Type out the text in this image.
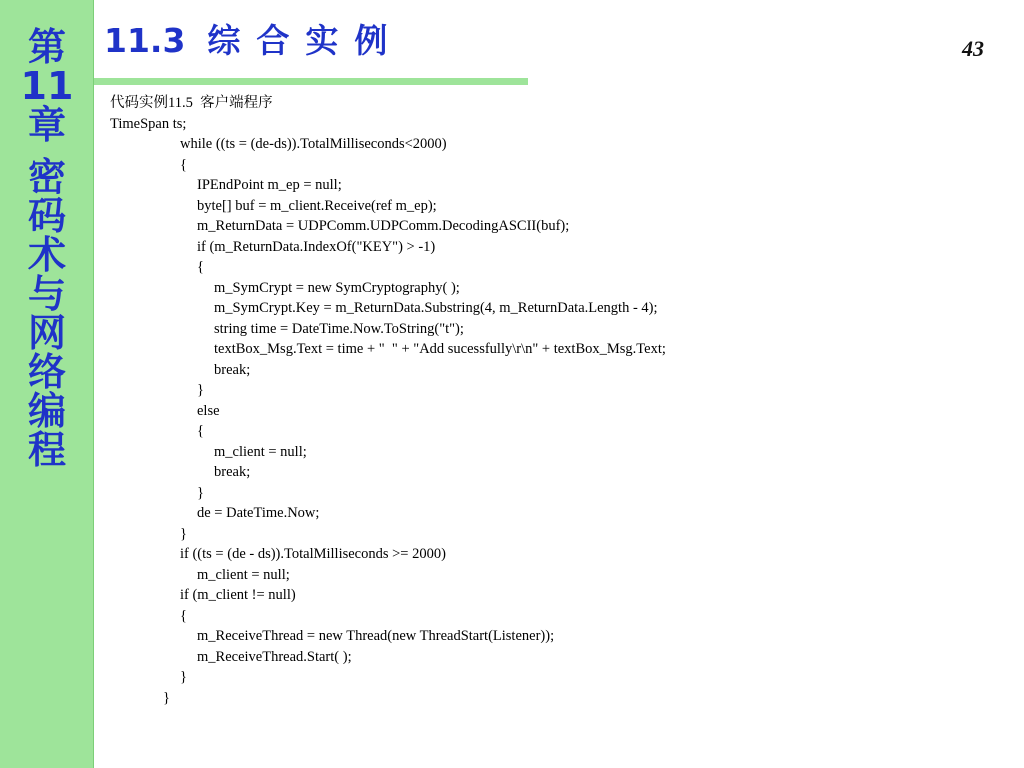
第
11
章
密
码
术
与
网
络
编
程
11.3 综合实例	43
代码实例11.5  客户端程序
TimeSpan ts;
while ((ts = (de-ds)).TotalMilliseconds<2000)
{
IPEndPoint m_ep = null;
byte[] buf = m_client.Receive(ref m_ep);
m_ReturnData = UDPComm.UDPComm.DecodingASCII(buf);
if (m_ReturnData.IndexOf("KEY") > -1)
{
m_SymCrypt = new SymCryptography( );
m_SymCrypt.Key = m_ReturnData.Substring(4, m_ReturnData.Length - 4);
string time = DateTime.Now.ToString("t");
textBox_Msg.Text = time + "  " + "Add sucessfully\r\n" + textBox_Msg.Text;
break;
}
else
{
m_client = null;
break;
}
de = DateTime.Now;
}
if ((ts = (de - ds)).TotalMilliseconds >= 2000)
m_client = null;
if (m_client != null)
{
m_ReceiveThread = new Thread(new ThreadStart(Listener));
m_ReceiveThread.Start( );
}
}
